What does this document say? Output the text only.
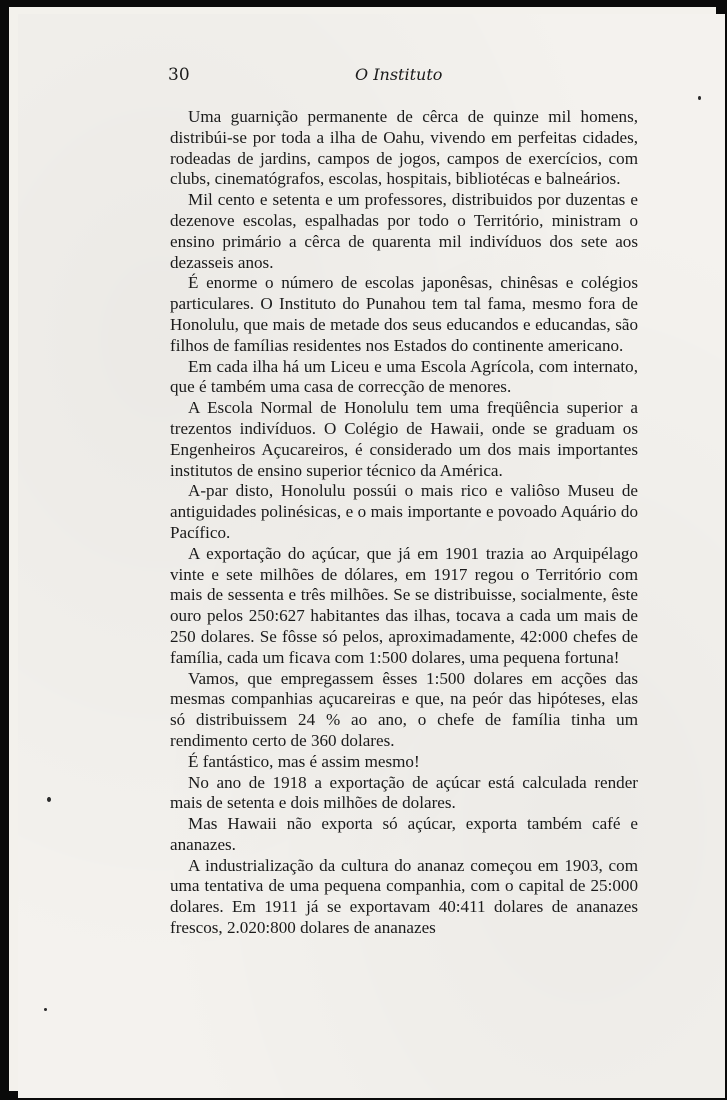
30	O Instituto

Uma guarnição permanente de cêrca de quinze mil homens, distribúi-se por toda a ilha de Oahu, vivendo em perfeitas cidades, rodeadas de jardins, campos de jogos, campos de exercícios, com clubs, cinematógrafos, escolas, hospitais, bibliotécas e balneários.

Mil cento e setenta e um professores, distribuidos por duzentas e dezenove escolas, espalhadas por todo o Território, ministram o ensino primário a cêrca de quarenta mil indivíduos dos sete aos dezasseis anos.

É enorme o número de escolas japonêsas, chinêsas e colégios particulares. O Instituto do Punahou tem tal fama, mesmo fora de Honolulu, que mais de metade dos seus educandos e educandas, são filhos de famílias residentes nos Estados do continente americano.

Em cada ilha há um Liceu e uma Escola Agrícola, com internato, que é também uma casa de correcção de menores.

A Escola Normal de Honolulu tem uma freqüência superior a trezentos indivíduos. O Colégio de Hawaii, onde se graduam os Engenheiros Açucareiros, é considerado um dos mais importantes institutos de ensino superior técnico da América.

A-par disto, Honolulu possúi o mais rico e valiôso Museu de antiguidades polinésicas, e o mais importante e povoado Aquário do Pacífico.

A exportação do açúcar, que já em 1901 trazia ao Arquipélago vinte e sete milhões de dólares, em 1917 regou o Território com mais de sessenta e três milhões. Se se distribuisse, socialmente, êste ouro pelos 250:627 habitantes das ilhas, tocava a cada um mais de 250 dolares. Se fôsse só pelos, aproximadamente, 42:000 chefes de família, cada um ficava com 1:500 dolares, uma pequena fortuna!

Vamos, que empregassem êsses 1:500 dolares em acções das mesmas companhias açucareiras e que, na peór das hipóteses, elas só distribuissem 24 % ao ano, o chefe de família tinha um rendimento certo de 360 dolares.

É fantástico, mas é assim mesmo!

No ano de 1918 a exportação de açúcar está calculada render mais de setenta e dois milhões de dolares.

Mas Hawaii não exporta só açúcar, exporta também café e ananazes.

A industrialização da cultura do ananaz começou em 1903, com uma tentativa de uma pequena companhia, com o capital de 25:000 dolares. Em 1911 já se exportavam 40:411 dolares de ananazes frescos, 2.020:800 dolares de ananazes
